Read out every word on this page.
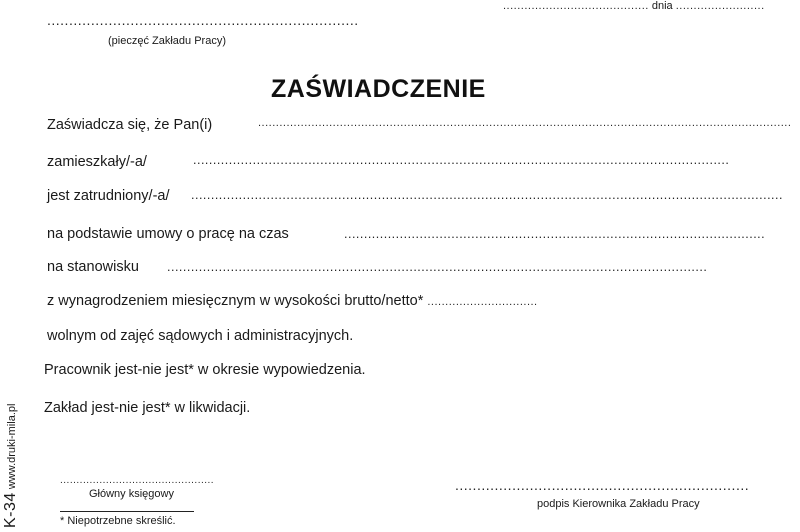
.......................................................................
(pieczęć Zakładu Pracy)
......................................... dnia .........................
ZAŚWIADCZENIE
Zaświadcza się, że Pan(i)	......................................................................................................................................................
zamieszkały/-a/	.......................................................................................................................................
jest zatrudniony/-a/ .....................................................................................................................................................
na podstawie umowy o pracę na czas	..........................................................................................................
na stanowisku ........................................................................................................................................
z wynagrodzeniem miesięcznym w wysokości brutto/netto* ...............................
wolnym od zajęć sądowych i administracyjnych.
Pracownik jest-nie jest* w okresie wypowiedzenia.
Zakład jest-nie jest* w likwidacji.
...............................................
Główny księgowy
* Niepotrzebne skreślić.
...................................................................
podpis Kierownika Zakładu Pracy
K-34 www.druki-mila.pl
